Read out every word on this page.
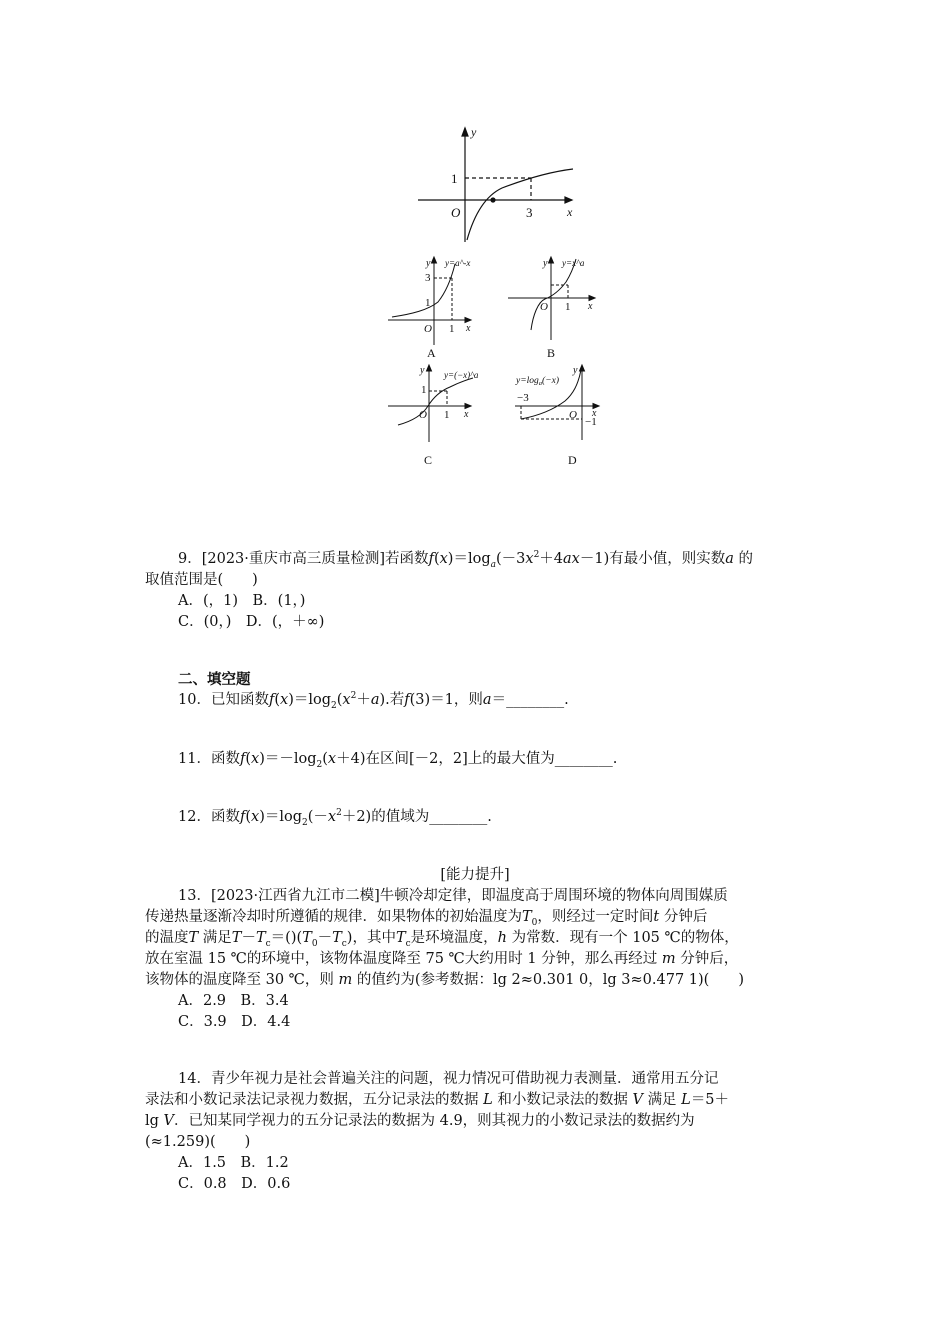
y
x
O
1
3
y y=a^-x
3
1
O 1 x
A
y y=x^a
O 1 x
B
y y=(−x)^a
1
O 1 x
C
y
$y=\log_a(-x)$
−3
O
−1
x
D
9．[2023·重庆市高三质量检测]若函数$f(x)=\log_a(-3x^2+4ax-1)$有最小值，则实数a 的
取值范围是(　　)
A．(，1)　B．(1，)
C．(0，)　D．(，＋∞)
二、填空题
10．已知函数$f(x)=\log_2(x^2+a)$.若f(3)＝1，则a＝________.
11．函数$f(x)=-\log_2(x+4)$在区间[－2，2]上的最大值为________.
12．函数$f(x)=\log_2(-x^2+2)$的值域为________.
[能力提升]
13．[2023·江西省九江市二模]牛顿冷却定律，即温度高于周围环境的物体向周围媒质
传递热量逐渐冷却时所遵循的规律．如果物体的初始温度为$T_0$，则经过一定时间t 分钟后
的温度T 满足$T-T_c=()(T_0-T_c)$，其中$T_c$是环境温度，h 为常数．现有一个 105 ℃的物体，
放在室温 15 ℃的环境中，该物体温度降至 75 ℃大约用时 1 分钟，那么再经过 m 分钟后，
该物体的温度降至 30 ℃，则 m 的值约为(参考数据：lg 2≈0.301 0，lg 3≈0.477 1)(　　)
A．2.9　B．3.4
C．3.9　D．4.4
14．青少年视力是社会普遍关注的问题，视力情况可借助视力表测量．通常用五分记
录法和小数记录法记录视力数据，五分记录法的数据 L 和小数记录法的数据 V 满足 L＝5＋
lg V．已知某同学视力的五分记录法的数据为 4.9，则其视力的小数记录法的数据约为
(≈1.259)(　　)
A．1.5　B．1.2
C．0.8　D．0.6
